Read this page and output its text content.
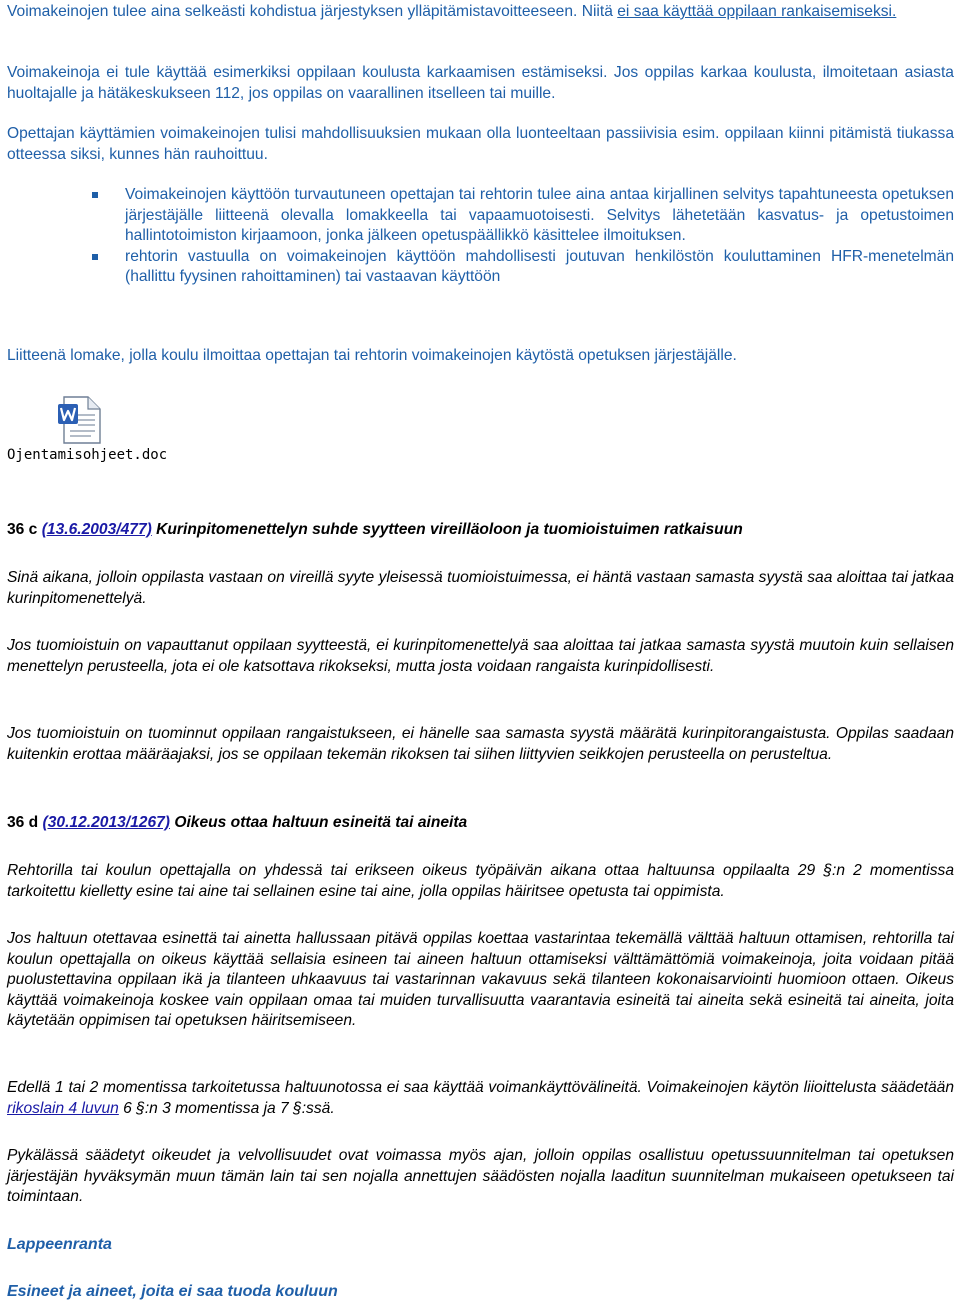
Voimakeinojen tulee aina selkeästi kohdistua järjestyksen ylläpitämistavoitteeseen. Niitä ei saa käyttää oppilaan rankaisemiseksi.

Voimakeinoja ei tule käyttää esimerkiksi oppilaan koulusta karkaamisen estämiseksi. Jos oppilas karkaa koulusta, ilmoitetaan asiasta huoltajalle ja hätäkeskukseen 112, jos oppilas on vaarallinen itselleen tai muille.

Opettajan käyttämien voimakeinojen tulisi mahdollisuuksien mukaan olla luonteeltaan passiivisia esim. oppilaan kiinni pitämistä tiukassa otteessa siksi, kunnes hän rauhoittuu.

Voimakeinojen käyttöön turvautuneen opettajan tai rehtorin tulee aina antaa kirjallinen selvitys tapahtuneesta opetuksen järjestäjälle liitteenä olevalla lomakkeella tai vapaamuotoisesti. Selvitys lähetetään kasvatus- ja opetustoimen hallintotoimiston kirjaamoon, jonka jälkeen opetuspäällikkö käsittelee ilmoituksen.
rehtorin vastuulla on voimakeinojen käyttöön mahdollisesti joutuvan henkilöstön kouluttaminen HFR-menetelmän (hallittu fyysinen rahoittaminen) tai vastaavan käyttöön

Liitteenä lomake, jolla koulu ilmoittaa opettajan tai rehtorin voimakeinojen käytöstä opetuksen järjestäjälle.

Ojentamisohjeet.doc

36 c (13.6.2003/477) Kurinpitomenettelyn suhde syytteen vireilläoloon ja tuomioistuimen ratkaisuun

Sinä aikana, jolloin oppilasta vastaan on vireillä syyte yleisessä tuomioistuimessa, ei häntä vastaan samasta syystä saa aloittaa tai jatkaa kurinpitomenettelyä.

Jos tuomioistuin on vapauttanut oppilaan syytteestä, ei kurinpitomenettelyä saa aloittaa tai jatkaa samasta syystä muutoin kuin sellaisen menettelyn perusteella, jota ei ole katsottava rikokseksi, mutta josta voidaan rangaista kurinpidollisesti.

Jos tuomioistuin on tuominnut oppilaan rangaistukseen, ei hänelle saa samasta syystä määrätä kurinpitorangaistusta. Oppilas saadaan kuitenkin erottaa määräajaksi, jos se oppilaan tekemän rikoksen tai siihen liittyvien seikkojen perusteella on perusteltua.

36 d (30.12.2013/1267) Oikeus ottaa haltuun esineitä tai aineita

Rehtorilla tai koulun opettajalla on yhdessä tai erikseen oikeus työpäivän aikana ottaa haltuunsa oppilaalta 29 §:n 2 momentissa tarkoitettu kielletty esine tai aine tai sellainen esine tai aine, jolla oppilas häiritsee opetusta tai oppimista.

Jos haltuun otettavaa esinettä tai ainetta hallussaan pitävä oppilas koettaa vastarintaa tekemällä välttää haltuun ottamisen, rehtorilla tai koulun opettajalla on oikeus käyttää sellaisia esineen tai aineen haltuun ottamiseksi välttämättömiä voimakeinoja, joita voidaan pitää puolustettavina oppilaan ikä ja tilanteen uhkaavuus tai vastarinnan vakavuus sekä tilanteen kokonaisarviointi huomioon ottaen. Oikeus käyttää voimakeinoja koskee vain oppilaan omaa tai muiden turvallisuutta vaarantavia esineitä tai aineita sekä esineitä tai aineita, joita käytetään oppimisen tai opetuksen häiritsemiseen.

Edellä 1 tai 2 momentissa tarkoitetussa haltuunotossa ei saa käyttää voimankäyttövälineitä. Voimakeinojen käytön liioittelusta säädetään rikoslain 4 luvun 6 §:n 3 momentissa ja 7 §:ssä.

Pykälässä säädetyt oikeudet ja velvollisuudet ovat voimassa myös ajan, jolloin oppilas osallistuu opetussuunnitelman tai opetuksen järjestäjän hyväksymän muun tämän lain tai sen nojalla annettujen säädösten nojalla laaditun suunnitelman mukaiseen opetukseen tai toimintaan.

Lappeenranta

Esineet ja aineet, joita ei saa tuoda kouluun
